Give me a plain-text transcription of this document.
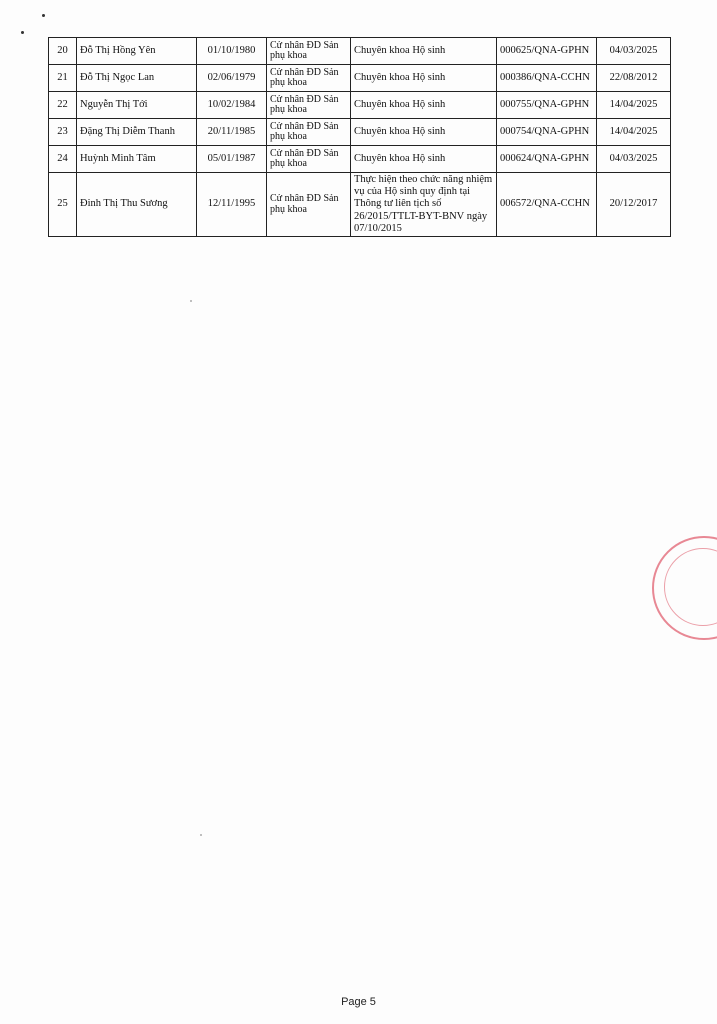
20	Đỗ Thị Hồng Yên	01/10/1980	Cử nhân ĐD Sản phụ khoa	Chuyên khoa Hộ sinh	000625/QNA-GPHN	04/03/2025
21	Đỗ Thị Ngọc Lan	02/06/1979	Cử nhân ĐD Sản phụ khoa	Chuyên khoa Hộ sinh	000386/QNA-CCHN	22/08/2012
22	Nguyễn Thị Tới	10/02/1984	Cử nhân ĐD Sản phụ khoa	Chuyên khoa Hộ sinh	000755/QNA-GPHN	14/04/2025
23	Đặng Thị Diễm Thanh	20/11/1985	Cử nhân ĐD Sản phụ khoa	Chuyên khoa Hộ sinh	000754/QNA-GPHN	14/04/2025
24	Huỳnh Minh Tâm	05/01/1987	Cử nhân ĐD Sản phụ khoa	Chuyên khoa Hộ sinh	000624/QNA-GPHN	04/03/2025
25	Đinh Thị Thu Sương	12/11/1995	Cử nhân ĐD Sản phụ khoa	Thực hiện theo chức năng nhiệm vụ của Hộ sinh quy định tại Thông tư liên tịch số 26/2015/TTLT-BYT-BNV ngày 07/10/2015	006572/QNA-CCHN	20/12/2017
Page 5
